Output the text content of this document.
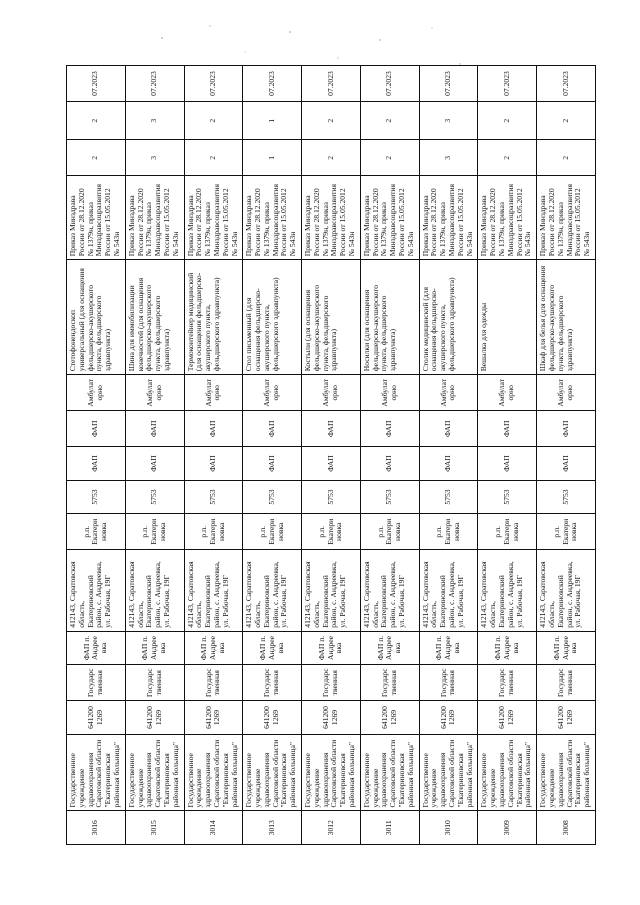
3016	Государственное учреждение здравоохранения Саратовской области "Екатериновская районная больница"	6412001269	Государственная	ФАП п. Андреевка	412143, Саратовская область, Екатериновский район, с. Андреевка, ул. Рабочая, 19Г	р.п. Екатериновка	5753	ФАП	ФАП	Амбулаторно	Стетофонендоскоп универсальный (для оснащения фельдшерско-акушерского пункта, фельдшерского здравпункта)	Приказ Минздрава России от 28.12.2020 № 1379н, приказ Минздравсоцразвития России от 15.05.2012 № 543н	2	2	07.2023
3015	Государственное учреждение здравоохранения Саратовской области "Екатериновская районная больница"	6412001269	Государственная	ФАП п. Андреевка	412143, Саратовская область, Екатериновский район, с. Андреевка, ул. Рабочая, 19Г	р.п. Екатериновка	5753	ФАП	ФАП	Амбулаторно	Шина для иммобилизации конечностей (для оснащения фельдшерско-акушерского пункта, фельдшерского здравпункта)	Приказ Минздрава России от 28.12.2020 № 1379н, приказ Минздравсоцразвития России от 15.05.2012 № 543н	3	3	07.2023
3014	Государственное учреждение здравоохранения Саратовской области "Екатериновская районная больница"	6412001269	Государственная	ФАП п. Андреевка	412143, Саратовская область, Екатериновский район, с. Андреевка, ул. Рабочая, 19Г	р.п. Екатериновка	5753	ФАП	ФАП	Амбулаторно	Термоконтейнер медицинский (для оснащения фельдшерско-акушерского пункта, фельдшерского здравпункта)	Приказ Минздрава России от 28.12.2020 № 1379н, приказ Минздравсоцразвития России от 15.05.2012 № 543н	2	2	07.2023
3013	Государственное учреждение здравоохранения Саратовской области "Екатериновская районная больница"	6412001269	Государственная	ФАП п. Андреевка	412143, Саратовская область, Екатериновский район, с. Андреевка, ул. Рабочая, 19Г	р.п. Екатериновка	5753	ФАП	ФАП	Амбулаторно	Стол письменный (для оснащения фельдшерско-акушерского пункта, фельдшерского здравпункта)	Приказ Минздрава России от 28.12.2020 № 1379н, приказ Минздравсоцразвития России от 15.05.2012 № 543н	1	1	07.2023
3012	Государственное учреждение здравоохранения Саратовской области "Екатериновская районная больница"	6412001269	Государственная	ФАП п. Андреевка	412143, Саратовская область, Екатериновский район, с. Андреевка, ул. Рабочая, 19Г	р.п. Екатериновка	5753	ФАП	ФАП	Амбулаторно	Костыли (для оснащения фельдшерско-акушерского пункта, фельдшерского здравпункта)	Приказ Минздрава России от 28.12.2020 № 1379н, приказ Минздравсоцразвития России от 15.05.2012 № 543н	2	2	07.2023
3011	Государственное учреждение здравоохранения Саратовской области "Екатериновская районная больница"	6412001269	Государственная	ФАП п. Андреевка	412143, Саратовская область, Екатериновский район, с. Андреевка, ул. Рабочая, 19Г	р.п. Екатериновка	5753	ФАП	ФАП	Амбулаторно	Носилки (для оснащения фельдшерско-акушерского пункта, фельдшерского здравпункта)	Приказ Минздрава России от 28.12.2020 № 1379н, приказ Минздравсоцразвития России от 15.05.2012 № 543н	2	2	07.2023
3010	Государственное учреждение здравоохранения Саратовской области "Екатериновская районная больница"	6412001269	Государственная	ФАП п. Андреевка	412143, Саратовская область, Екатериновский район, с. Андреевка, ул. Рабочая, 19Г	р.п. Екатериновка	5753	ФАП	ФАП	Амбулаторно	Столик медицинский (для оснащения фельдшерско-акушерского пункта, фельдшерского здравпункта)	Приказ Минздрава России от 28.12.2020 № 1379н, приказ Минздравсоцразвития России от 15.05.2012 № 543н	3	3	07.2023
3009	Государственное учреждение здравоохранения Саратовской области "Екатериновская районная больница"	6412001269	Государственная	ФАП п. Андреевка	412143, Саратовская область, Екатериновский район, с. Андреевка, ул. Рабочая, 19Г	р.п. Екатериновка	5753	ФАП	ФАП	Амбулаторно	Вешалка для одежды	Приказ Минздрава России от 28.12.2020 № 1379н, приказ Минздравсоцразвития России от 15.05.2012 № 543н	2	2	07.2023
3008	Государственное учреждение здравоохранения Саратовской области "Екатериновская районная больница"	6412001269	Государственная	ФАП п. Андреевка	412143, Саратовская область, Екатериновский район, с. Андреевка, ул. Рабочая, 19Г	р.п. Екатериновка	5753	ФАП	ФАП	Амбулаторно	Шкаф для белья (для оснащения фельдшерско-акушерского пункта, фельдшерского здравпункта)	Приказ Минздрава России от 28.12.2020 № 1379н, приказ Минздравсоцразвития России от 15.05.2012 № 543н	2	2	07.2023
